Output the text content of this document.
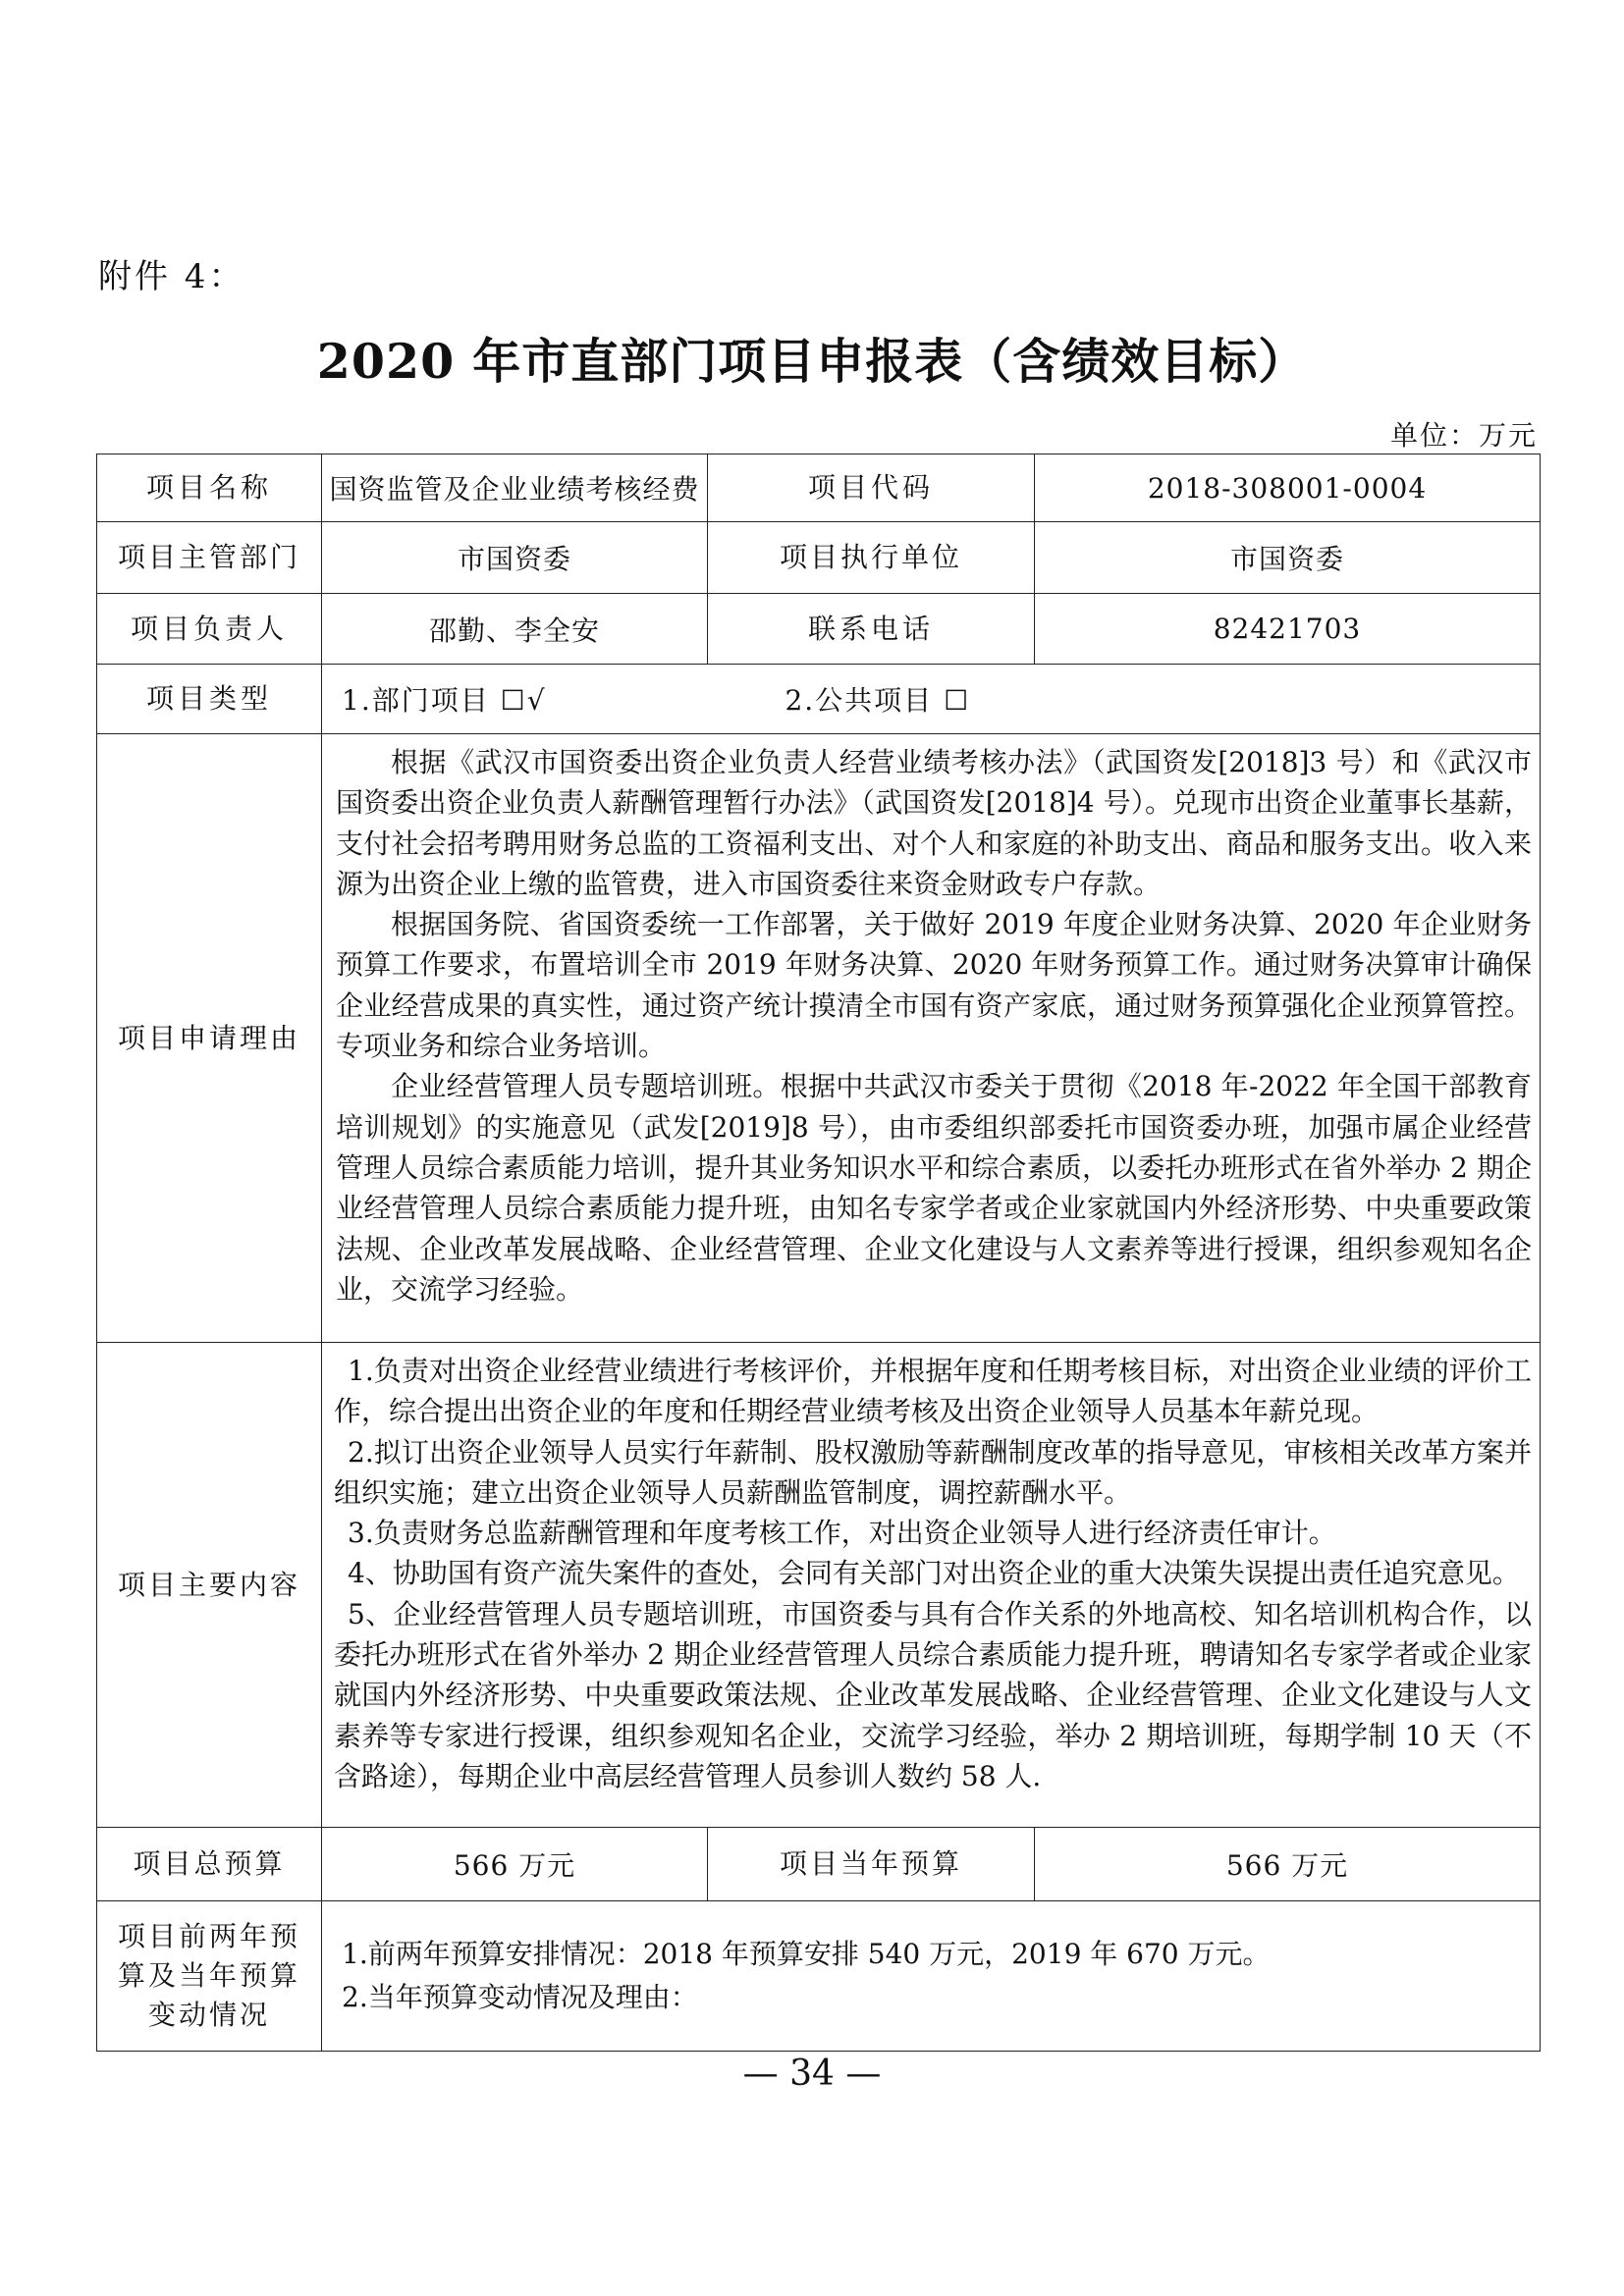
附件 4：
2020 年市直部门项目申报表（含绩效目标）
单位：万元
项目名称	国资监管及企业业绩考核经费	项目代码	2018-308001-0004
项目主管部门	市国资委	项目执行单位	市国资委
项目负责人	邵勤、李全安	联系电话	82421703
项目类型	1.部门项目 ☐√ 2.公共项目 ☐		
项目申请理由	根据《武汉市国资委出资企业负责人经营业绩考核办法》（武国资发[2018]3 号）和《武汉市国资委出资企业负责人薪酬管理暂行办法》（武国资发[2018]4 号）。兑现市出资企业董事长基薪，支付社会招考聘用财务总监的工资福利支出、对个人和家庭的补助支出、商品和服务支出。收入来源为出资企业上缴的监管费，进入市国资委往来资金财政专户存款。

根据国务院、省国资委统一工作部署，关于做好 2019 年度企业财务决算、2020 年企业财务预算工作要求，布置培训全市 2019 年财务决算、2020 年财务预算工作。通过财务决算审计确保企业经营成果的真实性，通过资产统计摸清全市国有资产家底，通过财务预算强化企业预算管控。专项业务和综合业务培训。

企业经营管理人员专题培训班。根据中共武汉市委关于贯彻《2018 年-2022 年全国干部教育培训规划》的实施意见（武发[2019]8 号），由市委组织部委托市国资委办班，加强市属企业经营管理人员综合素质能力培训，提升其业务知识水平和综合素质，以委托办班形式在省外举办 2 期企业经营管理人员综合素质能力提升班，由知名专家学者或企业家就国内外经济形势、中央重要政策法规、企业改革发展战略、企业经营管理、企业文化建设与人文素养等进行授课，组织参观知名企业，交流学习经验。		

项目主要内容	1.负责对出资企业经营业绩进行考核评价，并根据年度和任期考核目标，对出资企业业绩的评价工作，综合提出出资企业的年度和任期经营业绩考核及出资企业领导人员基本年薪兑现。

2.拟订出资企业领导人员实行年薪制、股权激励等薪酬制度改革的指导意见，审核相关改革方案并组织实施；建立出资企业领导人员薪酬监管制度，调控薪酬水平。

3.负责财务总监薪酬管理和年度考核工作，对出资企业领导人进行经济责任审计。

4、协助国有资产流失案件的查处，会同有关部门对出资企业的重大决策失误提出责任追究意见。

5、企业经营管理人员专题培训班，市国资委与具有合作关系的外地高校、知名培训机构合作，以委托办班形式在省外举办 2 期企业经营管理人员综合素质能力提升班，聘请知名专家学者或企业家就国内外经济形势、中央重要政策法规、企业改革发展战略、企业经营管理、企业文化建设与人文素养等专家进行授课，组织参观知名企业，交流学习经验，举办 2 期培训班，每期学制 10 天（不含路途），每期企业中高层经营管理人员参训人数约 58 人.		

项目总预算	566 万元	项目当年预算	566 万元
项目前两年预算及当年预算变动情况	1.前两年预算安排情况：2018 年预算安排 540 万元，2019 年 670 万元。

2.当年预算变动情况及理由：		

— 34 —
